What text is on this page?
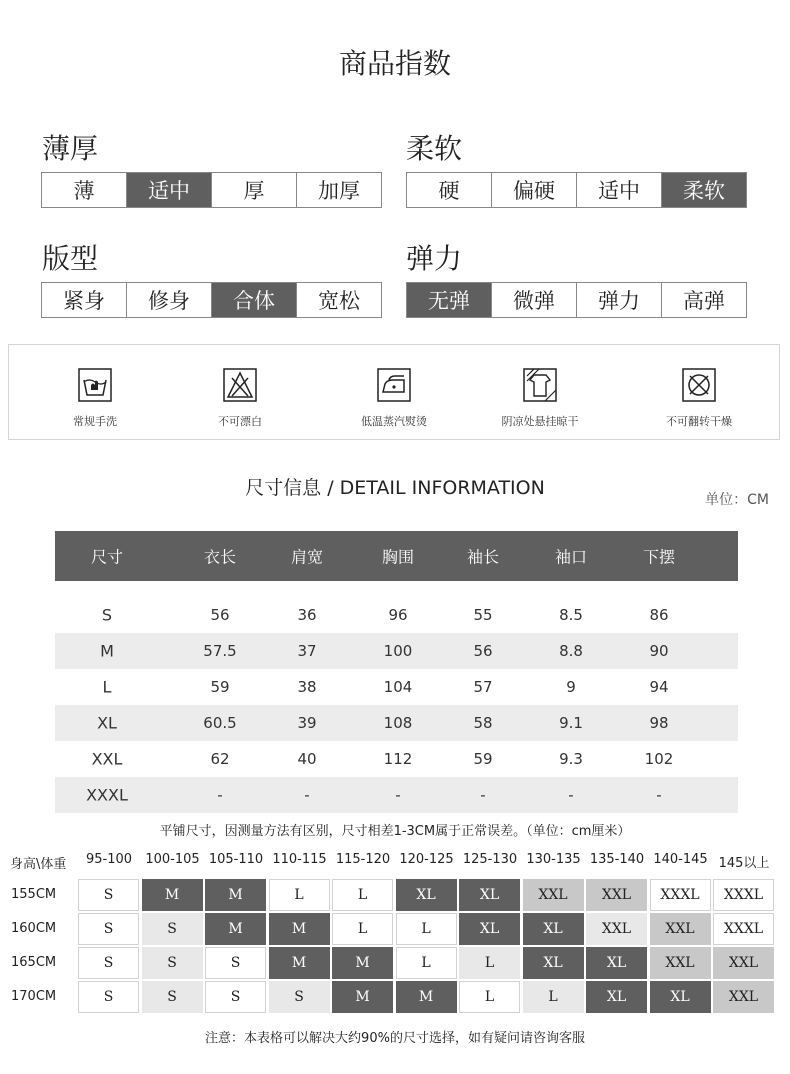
商品指数
薄厚
薄	适中	厚	加厚
柔软
硬	偏硬	适中	柔软
版型
紧身	修身	合体	宽松
弹力
无弹	微弹	弹力	高弹
常规手洗	不可漂白	低温蒸汽熨烫	阴凉处悬挂晾干	不可翻转干燥
尺寸信息 / DETAIL INFORMATION
单位：CM
尺寸	衣长	肩宽	胸围	袖长	袖口	下摆
S	56	36	96	55	8.5	86
M	57.5	37	100	56	8.8	90
L	59	38	104	57	9	94
XL	60.5	39	108	58	9.1	98
XXL	62	40	112	59	9.3	102
XXXL	-	-	-	-	-	-
平铺尺寸，因测量方法有区别，尺寸相差1-3CM属于正常误差。（单位：cm厘米）
身高\体重 95-100 100-105 105-110 110-115 115-120 120-125 125-130 130-135 135-140 140-145 145以上
155CM	S	M	M	L	L	XL	XL	XXL	XXL	XXXL	XXXL
160CM	S	S	M	M	L	L	XL	XL	XXL	XXL	XXXL
165CM	S	S	S	M	M	L	L	XL	XL	XXL	XXL
170CM	S	S	S	S	M	M	L	L	XL	XL	XXL
注意：本表格可以解决大约90%的尺寸选择，如有疑问请咨询客服
